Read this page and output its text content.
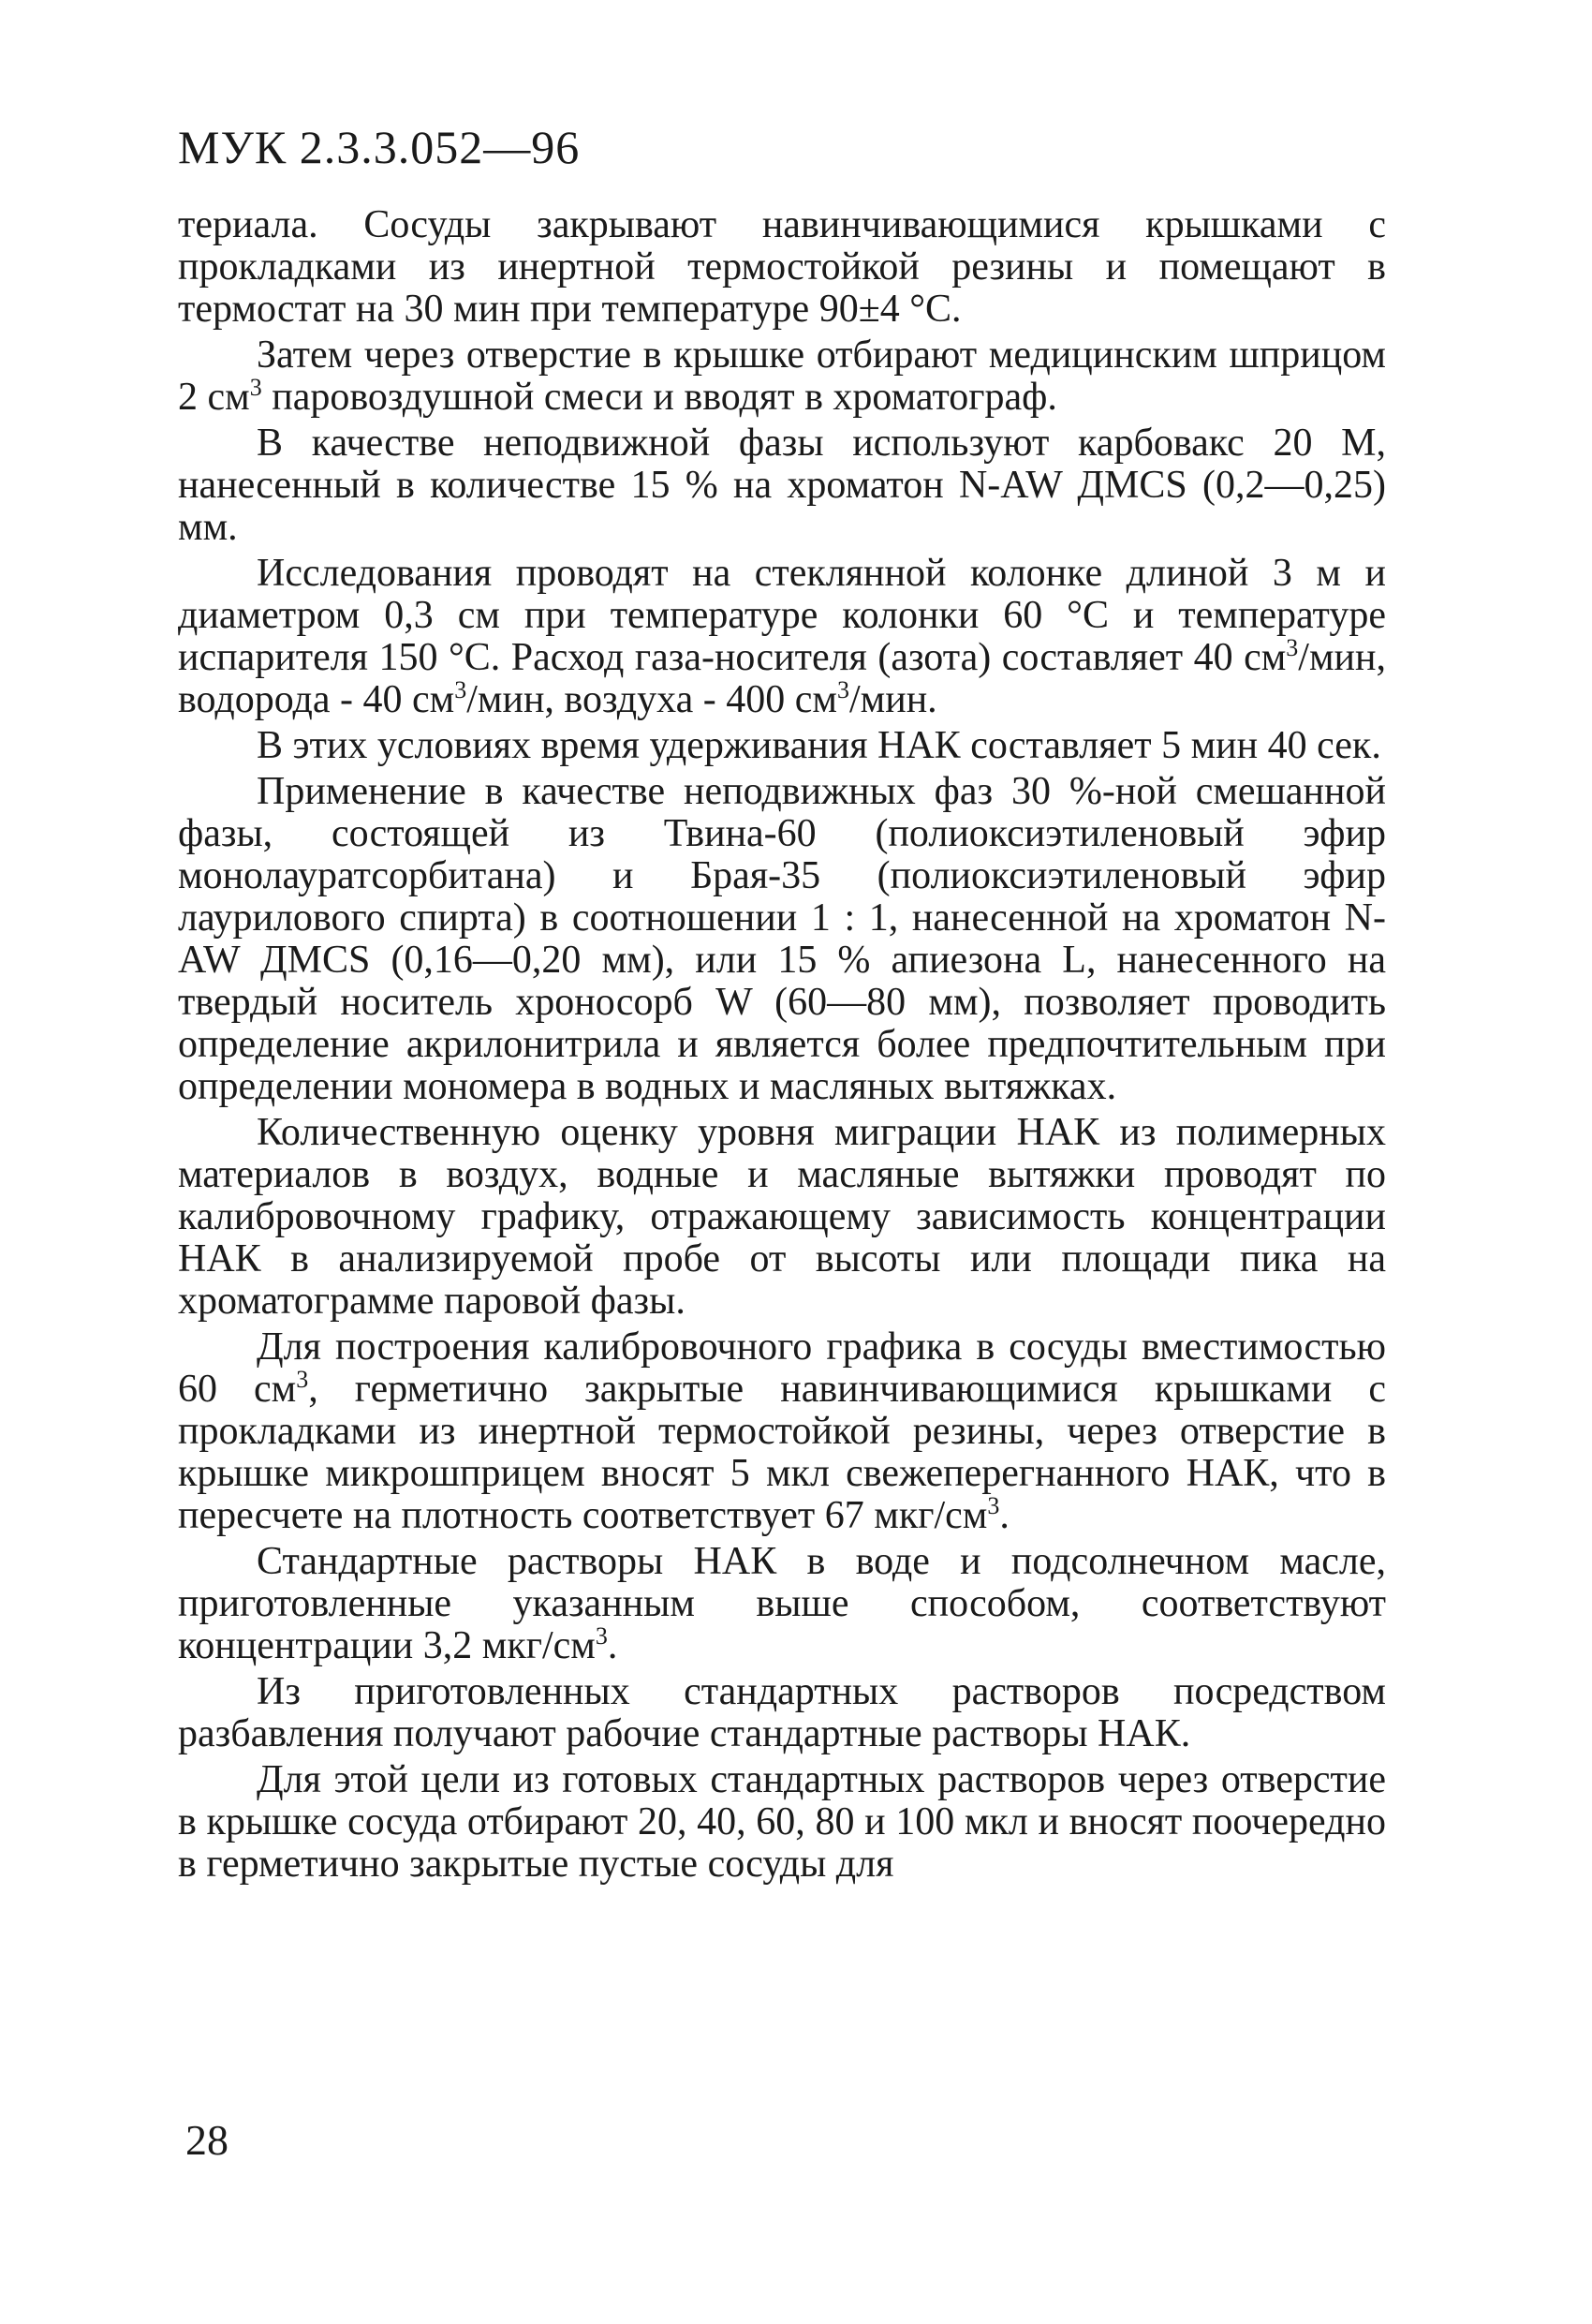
МУК 2.3.3.052—96

териала. Сосуды закрывают навинчивающимися крышками с прокладками из инертной термостойкой резины и помещают в термостат на 30 мин при температуре 90±4 °С.

Затем через отверстие в крышке отбирают медицинским шприцом 2 $см^3$ паровоздушной смеси и вводят в хроматограф.

В качестве неподвижной фазы используют карбовакс 20 М, нанесенный в количестве 15 % на хроматон N-AW ДМCS (0,2—0,25) мм.

Исследования проводят на стеклянной колонке длиной 3 м и диаметром 0,3 см при температуре колонки 60 °С и температуре испарителя 150 °С. Расход газа-носителя (азота) составляет 40 $см^3$/мин, водорода - 40 $см^3$/мин, воздуха - 400 $см^3$/мин.

В этих условиях время удерживания НАК составляет 5 мин 40 сек.

Применение в качестве неподвижных фаз 30 %-ной смешанной фазы, состоящей из Твина-60 (полиоксиэтиленовый эфир монолауратсорбитана) и Брая-35 (полиоксиэтиленовый эфир лаурилового спирта) в соотношении 1 : 1, нанесенной на хроматон N-AW ДМCS (0,16—0,20 мм), или 15 % апиезона L, нанесенного на твердый носитель хроносорб W (60—80 мм), позволяет проводить определение акрилонитрила и является более предпочтительным при определении мономера в водных и масляных вытяжках.

Количественную оценку уровня миграции НАК из полимерных материалов в воздух, водные и масляные вытяжки проводят по калибровочному графику, отражающему зависимость концентрации НАК в анализируемой пробе от высоты или площади пика на хроматограмме паровой фазы.

Для построения калибровочного графика в сосуды вместимостью 60 $см^3$, герметично закрытые навинчивающимися крышками с прокладками из инертной термостойкой резины, через отверстие в крышке микрошприцем вносят 5 мкл свежеперегнанного НАК, что в пересчете на плотность соответствует 67 мкг/$см^3$.

Стандартные растворы НАК в воде и подсолнечном масле, приготовленные указанным выше способом, соответствуют концентрации 3,2 мкг/$см^3$.

Из приготовленных стандартных растворов посредством разбавления получают рабочие стандартные растворы НАК.

Для этой цели из готовых стандартных растворов через отверстие в крышке сосуда отбирают 20, 40, 60, 80 и 100 мкл и вносят поочередно в герметично закрытые пустые сосуды для

28
